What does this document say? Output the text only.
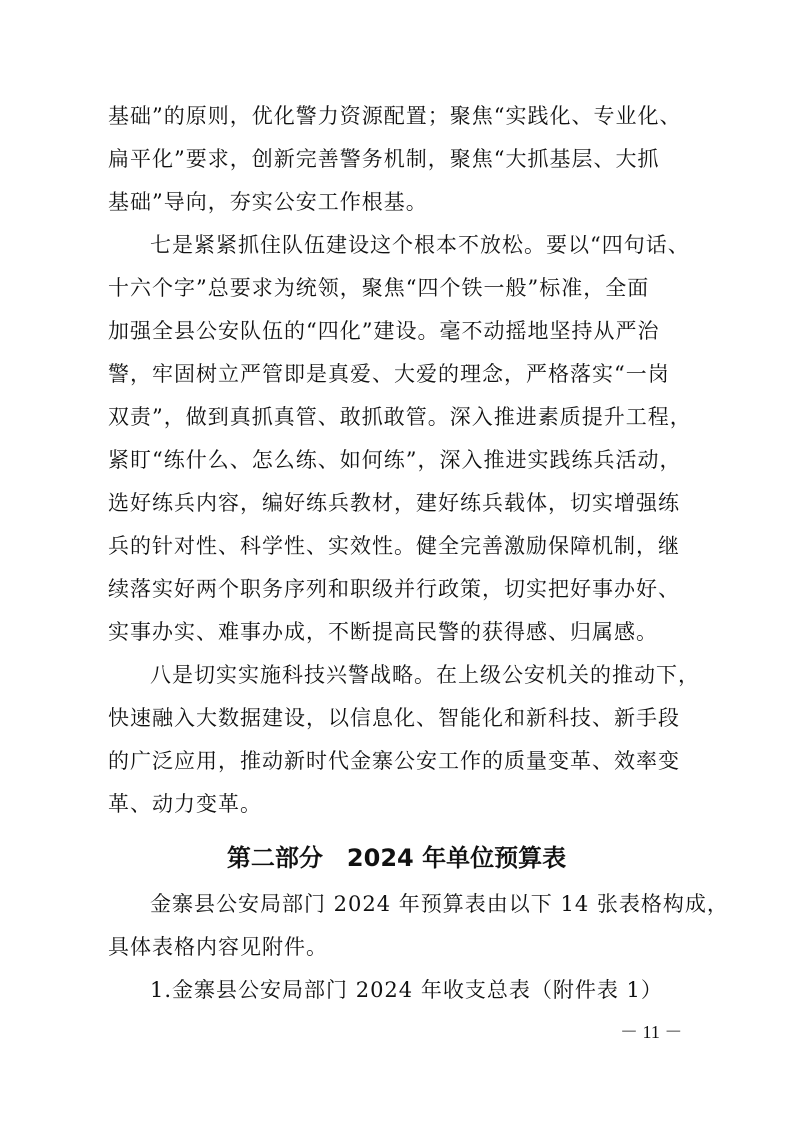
基础”的原则，优化警力资源配置；聚焦“实践化、专业化、
扁平化”要求，创新完善警务机制，聚焦“大抓基层、大抓
基础”导向，夯实公安工作根基。
七是紧紧抓住队伍建设这个根本不放松。要以“四句话、
十六个字”总要求为统领，聚焦“四个铁一般”标准，全面
加强全县公安队伍的“四化”建设。毫不动摇地坚持从严治
警，牢固树立严管即是真爱、大爱的理念，严格落实“一岗
双责”，做到真抓真管、敢抓敢管。深入推进素质提升工程，
紧盯“练什么、怎么练、如何练”，深入推进实践练兵活动，
选好练兵内容，编好练兵教材，建好练兵载体，切实增强练
兵的针对性、科学性、实效性。健全完善激励保障机制，继
续落实好两个职务序列和职级并行政策，切实把好事办好、
实事办实、难事办成，不断提高民警的获得感、归属感。
八是切实实施科技兴警战略。在上级公安机关的推动下，
快速融入大数据建设，以信息化、智能化和新科技、新手段
的广泛应用，推动新时代金寨公安工作的质量变革、效率变
革、动力变革。
第二部分　2024 年单位预算表
金寨县公安局部门 2024 年预算表由以下 14 张表格构成，
具体表格内容见附件。
1.金寨县公安局部门 2024 年收支总表（附件表 1）
－ 11 －
